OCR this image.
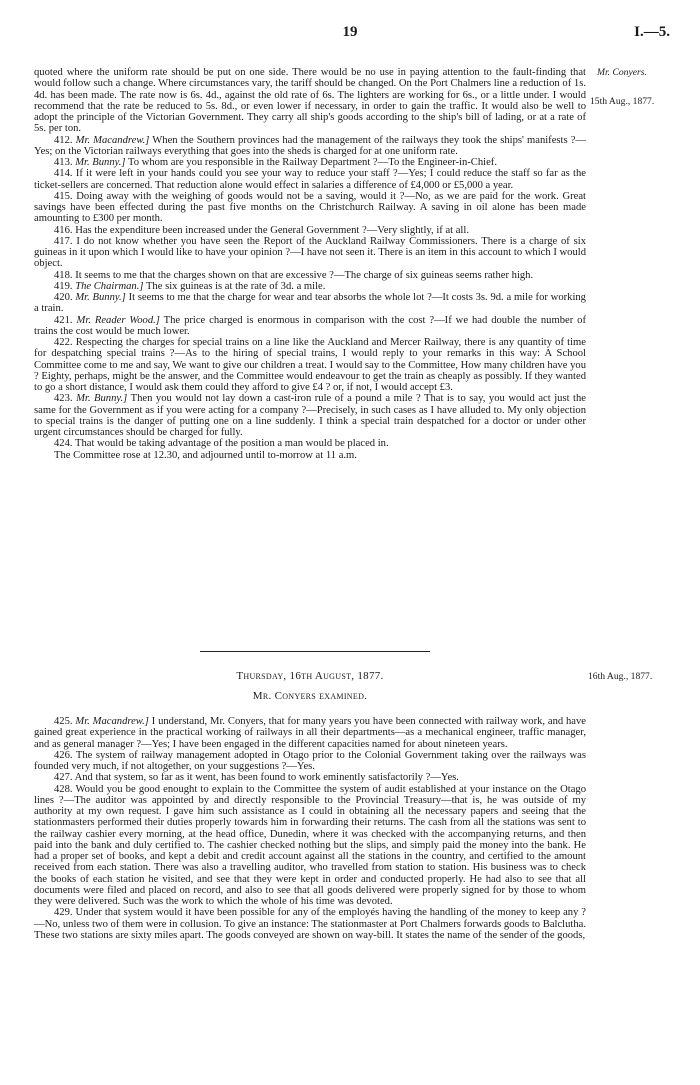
19	I.—5.
Mr. Conyers.
15th Aug., 1877.

quoted where the uniform rate should be put on one side. There would be no use in paying attention to the fault-finding that would follow such a change. Where circumstances vary, the tariff should be changed. On the Port Chalmers line a reduction of 1s. 4d. has been made. The rate now is 6s. 4d., against the old rate of 6s. The lighters are working for 6s., or a little under. I would recommend that the rate be reduced to 5s. 8d., or even lower if necessary, in order to gain the traffic. It would also be well to adopt the principle of the Victorian Government. They carry all ship's goods according to the ship's bill of lading, or at a rate of 5s. per ton.

412. Mr. Macandrew.] When the Southern provinces had the management of the railways they took the ships' manifests ?—Yes; on the Victorian railways everything that goes into the sheds is charged for at one uniform rate.

413. Mr. Bunny.] To whom are you responsible in the Railway Department ?—To the Engineer-in-Chief.

414. If it were left in your hands could you see your way to reduce your staff ?—Yes; I could reduce the staff so far as the ticket-sellers are concerned. That reduction alone would effect in salaries a difference of £4,000 or £5,000 a year.

415. Doing away with the weighing of goods would not be a saving, would it ?—No, as we are paid for the work. Great savings have been effected during the past five months on the Christchurch Railway. A saving in oil alone has been made amounting to £300 per month.

416. Has the expenditure been increased under the General Government ?—Very slightly, if at all.

417. I do not know whether you have seen the Report of the Auckland Railway Commissioners. There is a charge of six guineas in it upon which I would like to have your opinion ?—I have not seen it. There is an item in this account to which I would object.

418. It seems to me that the charges shown on that are excessive ?—The charge of six guineas seems rather high.

419. The Chairman.] The six guineas is at the rate of 3d. a mile.

420. Mr. Bunny.] It seems to me that the charge for wear and tear absorbs the whole lot ?—It costs 3s. 9d. a mile for working a train.

421. Mr. Reader Wood.] The price charged is enormous in comparison with the cost ?—If we had double the number of trains the cost would be much lower.

422. Respecting the charges for special trains on a line like the Auckland and Mercer Railway, there is any quantity of time for despatching special trains ?—As to the hiring of special trains, I would reply to your remarks in this way: A School Committee come to me and say, We want to give our children a treat. I would say to the Committee, How many children have you ? Eighty, perhaps, might be the answer, and the Committee would endeavour to get the train as cheaply as possibly. If they wanted to go a short distance, I would ask them could they afford to give £4 ? or, if not, I would accept £3.

423. Mr. Bunny.] Then you would not lay down a cast-iron rule of a pound a mile ? That is to say, you would act just the same for the Government as if you were acting for a company ?—Precisely, in such cases as I have alluded to. My only objection to special trains is the danger of putting one on a line suddenly. I think a special train despatched for a doctor or under other urgent circumstances should be charged for fully.

424. That would be taking advantage of the position a man would be placed in.

The Committee rose at 12.30, and adjourned until to-morrow at 11 a.m.

Thursday, 16th August, 1877.	16th Aug., 1877.
Mr. Conyers examined.

425. Mr. Macandrew.] I understand, Mr. Conyers, that for many years you have been connected with railway work, and have gained great experience in the practical working of railways in all their departments—as a mechanical engineer, traffic manager, and as general manager ?—Yes; I have been engaged in the different capacities named for about nineteen years.

426. The system of railway management adopted in Otago prior to the Colonial Government taking over the railways was founded very much, if not altogether, on your suggestions ?—Yes.

427. And that system, so far as it went, has been found to work eminently satisfactorily ?—Yes.

428. Would you be good enought to explain to the Committee the system of audit established at your instance on the Otago lines ?—The auditor was appointed by and directly responsible to the Provincial Treasury—that is, he was outside of my authority at my own request. I gave him such assistance as I could in obtaining all the necessary papers and seeing that the stationmasters performed their duties properly towards him in forwarding their returns. The cash from all the stations was sent to the railway cashier every morning, at the head office, Dunedin, where it was checked with the accompanying returns, and then paid into the bank and duly certified to. The cashier checked nothing but the slips, and simply paid the money into the bank. He had a proper set of books, and kept a debit and credit account against all the stations in the country, and certified to the amount received from each station. There was also a travelling auditor, who travelled from station to station. His business was to check the books of each station he visited, and see that they were kept in order and conducted properly. He had also to see that all documents were filed and placed on record, and also to see that all goods delivered were properly signed for by those to whom they were delivered. Such was the work to which the whole of his time was devoted.

429. Under that system would it have been possible for any of the employés having the handling of the money to keep any ?—No, unless two of them were in collusion. To give an instance: The stationmaster at Port Chalmers forwards goods to Balclutha. These two stations are sixty miles apart. The goods conveyed are shown on way-bill. It states the name of the sender of the goods,
